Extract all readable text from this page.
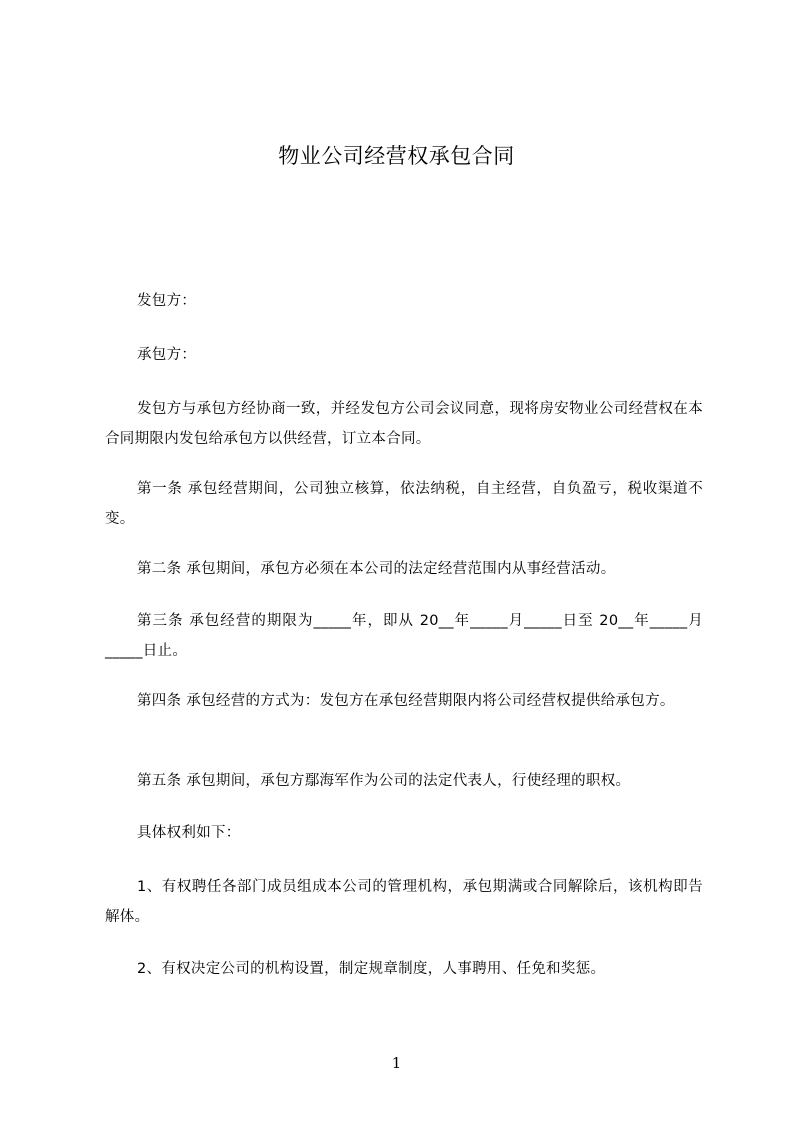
物业公司经营权承包合同
发包方：
承包方：
发包方与承包方经协商一致，并经发包方公司会议同意，现将房安物业公司经营权在本合同期限内发包给承包方以供经营，订立本合同。
第一条 承包经营期间，公司独立核算，依法纳税，自主经营，自负盈亏，税收渠道不变。
第二条 承包期间，承包方必须在本公司的法定经营范围内从事经营活动。
第三条 承包经营的期限为_____年，即从 20__年_____月_____日至 20__年_____月_____日止。
第四条 承包经营的方式为：发包方在承包经营期限内将公司经营权提供给承包方。
第五条 承包期间，承包方鄢海军作为公司的法定代表人，行使经理的职权。
具体权利如下：
1、有权聘任各部门成员组成本公司的管理机构，承包期满或合同解除后，该机构即告解体。
2、有权决定公司的机构设置，制定规章制度，人事聘用、任免和奖惩。
1
